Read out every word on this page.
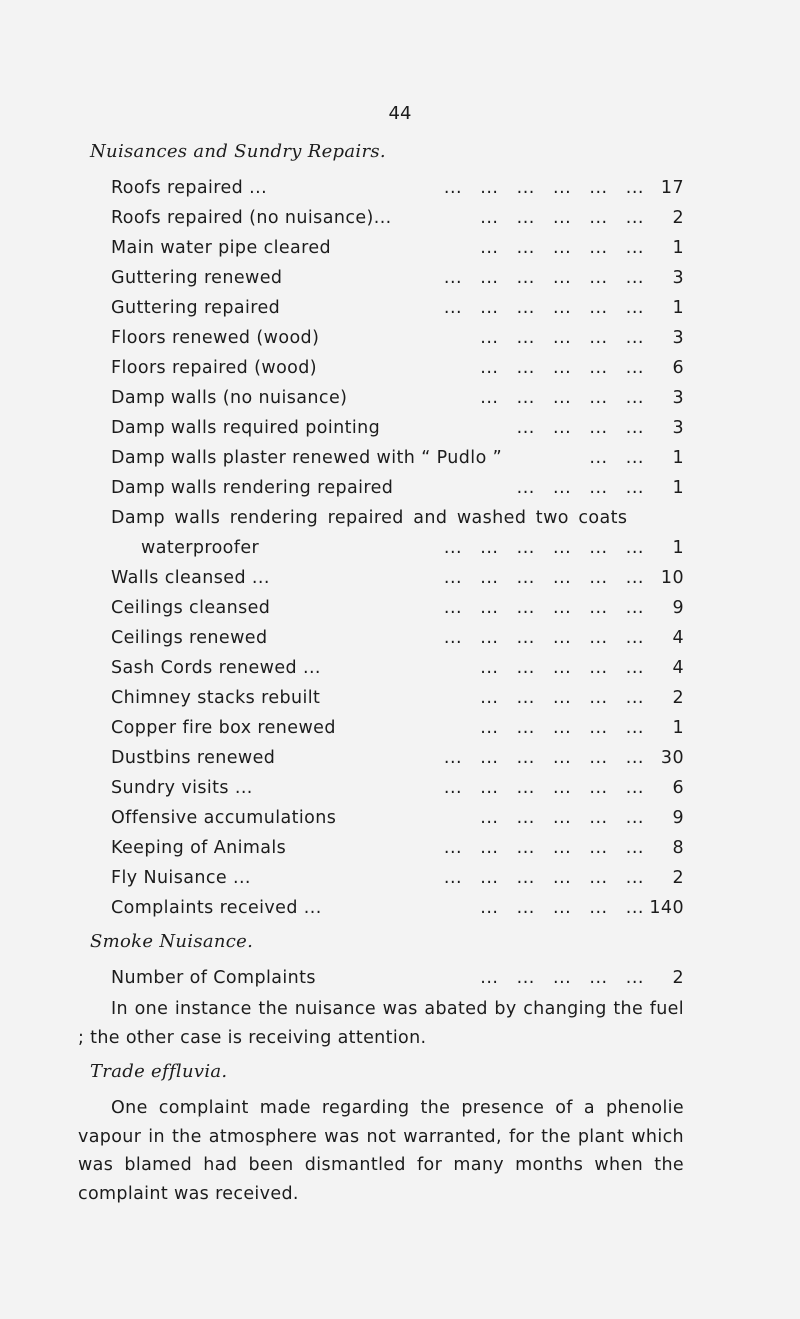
44
Nuisances and Sundry Repairs.
Roofs repaired ...	...   ...   ...   ...   ...   ... 17
Roofs repaired (no nuisance)...	...   ...   ...   ...   ...	2
Main water pipe cleared	...   ...   ...   ...   ...	1
Guttering renewed	...   ...   ...   ...   ...   ...	3
Guttering repaired	...   ...   ...   ...   ...   ...	1
Floors renewed (wood)	...   ...   ...   ...   ...	3
Floors repaired (wood)	...   ...   ...   ...   ...	6
Damp walls (no nuisance)	...   ...   ...   ...   ...	3
Damp walls required pointing	...   ...   ...   ...	3
Damp walls plaster renewed with “ Pudlo ”	...   ...	1
Damp walls rendering repaired	...   ...   ...   ...	1
Damp walls rendering repaired and washed two coats
waterproofer	...   ...   ...   ...   ...   ...	1
Walls cleansed ...	...   ...   ...   ...   ...   ... 10
Ceilings cleansed	...   ...   ...   ...   ...   ...	9
Ceilings renewed	...   ...   ...   ...   ...   ...	4
Sash Cords renewed ...	...   ...   ...   ...   ...	4
Chimney stacks rebuilt	...   ...   ...   ...   ...	2
Copper fire box renewed	...   ...   ...   ...   ...	1
Dustbins renewed	...   ...   ...   ...   ...   ... 30
Sundry visits ...	...   ...   ...   ...   ...   ...	6
Offensive accumulations	...   ...   ...   ...   ...	9
Keeping of Animals	...   ...   ...   ...   ...   ...	8
Fly Nuisance ...	...   ...   ...   ...   ...   ...	2
Complaints received ...	...   ...   ...   ...   ... 140
Smoke Nuisance.
Number of Complaints	...   ...   ...   ...   ...	2
In one instance the nuisance was abated by changing the fuel ; the other case is receiving attention.
Trade effluvia.
One complaint made regarding the presence of a phenolie vapour in the atmosphere was not warranted, for the plant which was blamed had been dismantled for many months when the complaint was received.
